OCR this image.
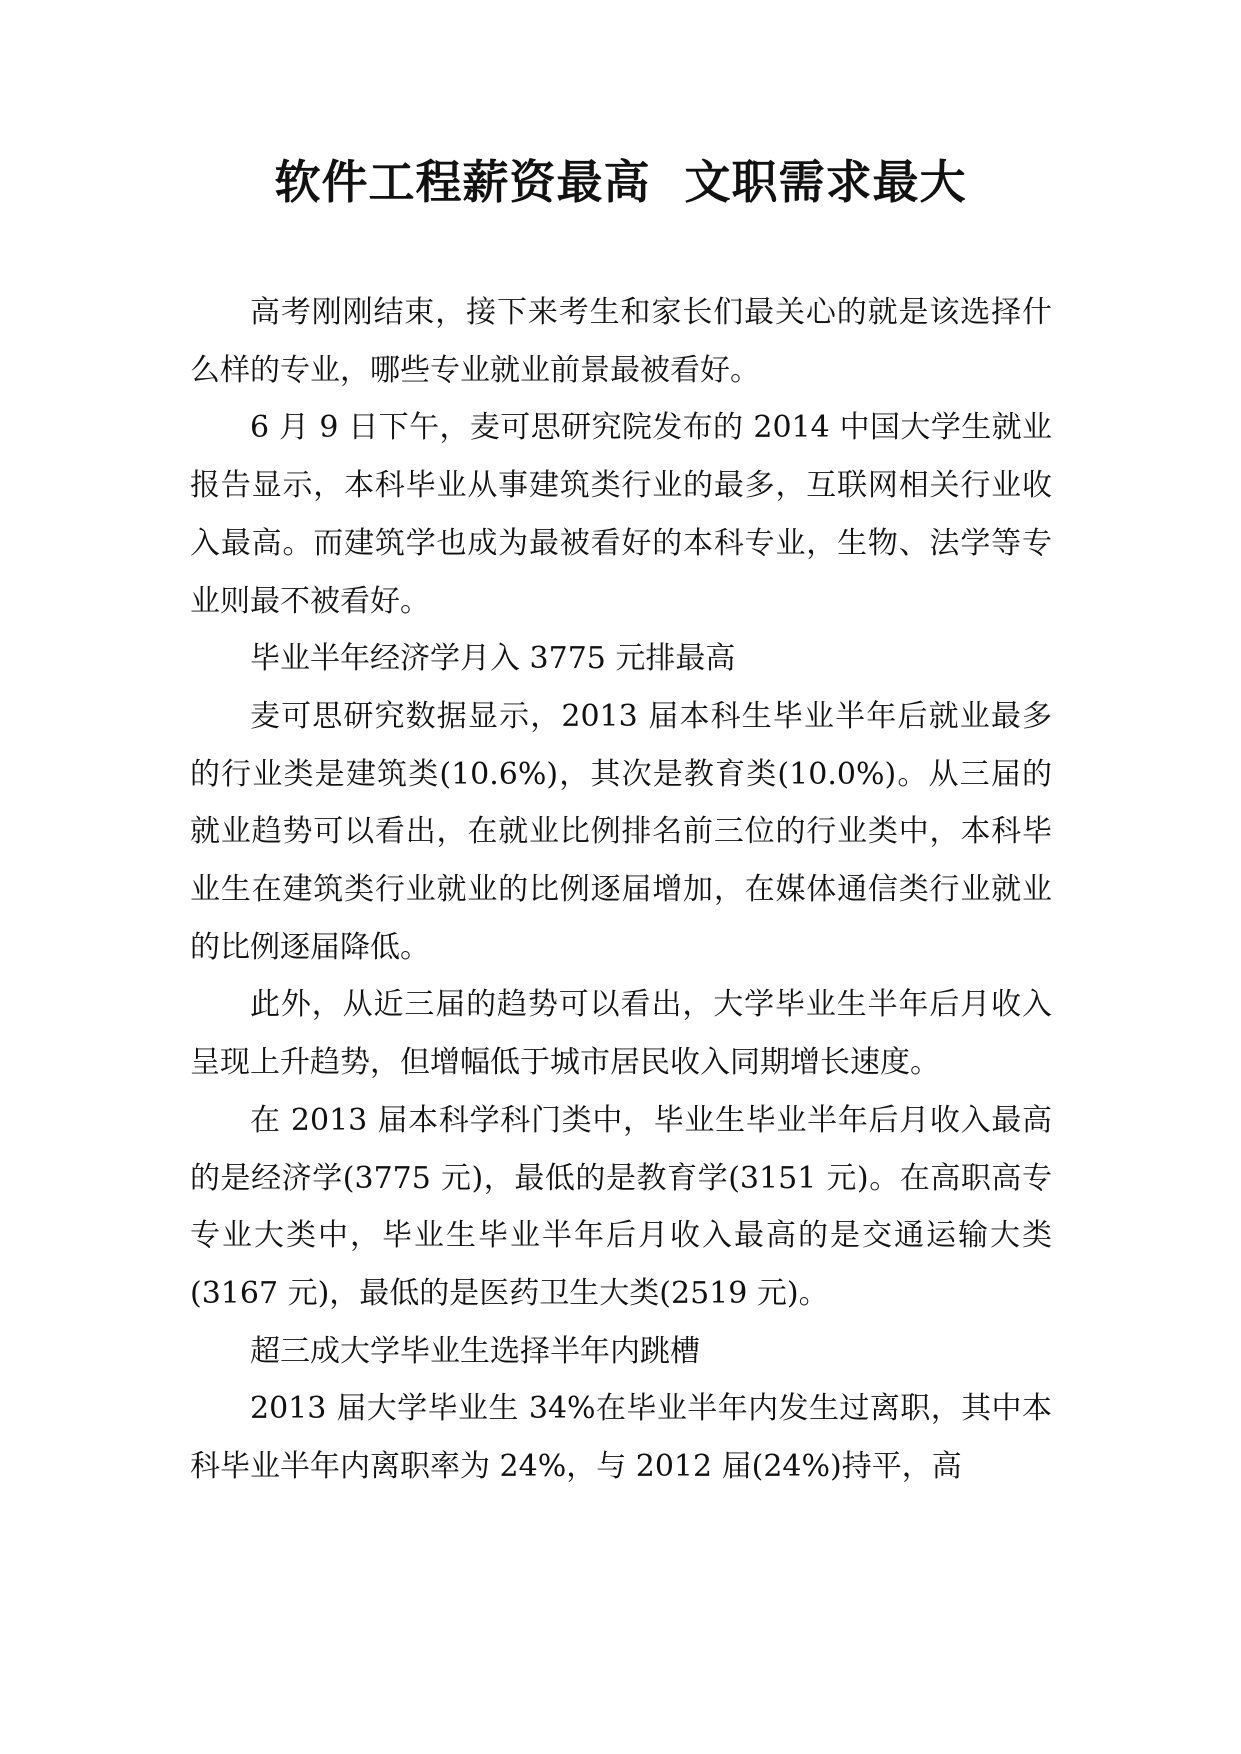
软件工程薪资最高  文职需求最大

高考刚刚结束，接下来考生和家长们最关心的就是该选择什么样的专业，哪些专业就业前景最被看好。

6 月 9 日下午，麦可思研究院发布的 2014 中国大学生就业报告显示，本科毕业从事建筑类行业的最多，互联网相关行业收入最高。而建筑学也成为最被看好的本科专业，生物、法学等专业则最不被看好。

毕业半年经济学月入 3775 元排最高

麦可思研究数据显示，2013 届本科生毕业半年后就业最多的行业类是建筑类(10.6%)，其次是教育类(10.0%)。从三届的就业趋势可以看出，在就业比例排名前三位的行业类中，本科毕业生在建筑类行业就业的比例逐届增加，在媒体通信类行业就业的比例逐届降低。

此外，从近三届的趋势可以看出，大学毕业生半年后月收入呈现上升趋势，但增幅低于城市居民收入同期增长速度。

在 2013 届本科学科门类中，毕业生毕业半年后月收入最高的是经济学(3775 元)，最低的是教育学(3151 元)。在高职高专专业大类中，毕业生毕业半年后月收入最高的是交通运输大类(3167 元)，最低的是医药卫生大类(2519 元)。

超三成大学毕业生选择半年内跳槽

2013 届大学毕业生 34%在毕业半年内发生过离职，其中本科毕业半年内离职率为 24%，与 2012 届(24%)持平，高
